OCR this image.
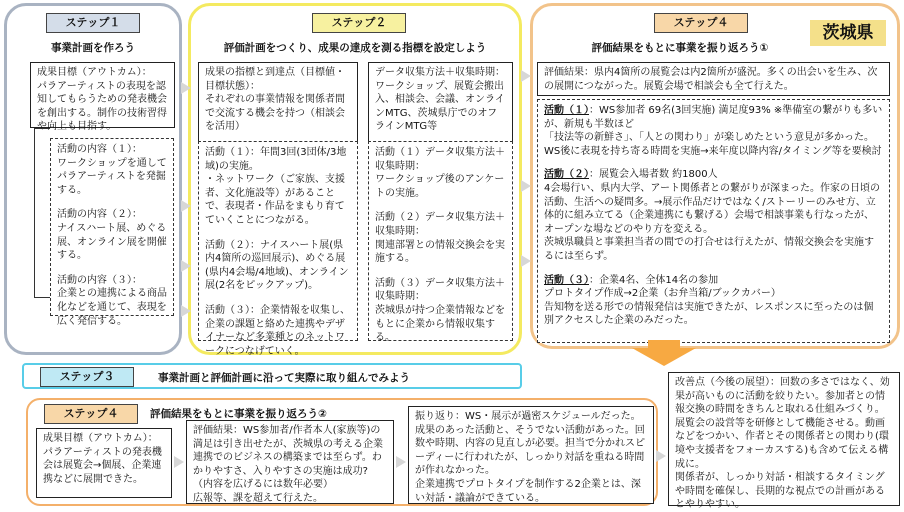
ステップ１
事業計画を作ろう
成果目標（アウトカム）：
パラアーティストの表現を認知してもらうための発表機会を創出する。制作の技術習得や向上も目指す。

活動の内容（１）：
ワークショップを通してパラアーティストを発掘する。

活動の内容（２）：
ナイスハート展、めぐる展、オンライン展を開催する。

活動の内容（３）：
企業との連携による商品化などを通じて、表現を広く発信する。

ステップ２
評価計画をつくり、成果の達成を測る指標を設定しよう
成果の指標と到達点（目標値・目標状態）：
それぞれの事業情報を関係者間で交流する機会を持つ（相談会を活用）
データ収集方法＋収集時期：ワークショップ、展覧会搬出入、相談会、会議、オンラインMTG、茨城県庁でのオフラインMTG等

活動（１）：年間3回(3団体/3地域)の実施。
・ネットワーク（ご家族、支援者、文化施設等）があることで、表現者・作品をまもり育てていくことにつながる。

活動（２）：ナイスハート展(県内4箇所の巡回展示)、めぐる展(県内4会場/4地域)、オンライン展(2名をピックアップ)。

活動（３）：企業情報を収集し、企業の課題と絡めた連携やデザイナーなど多業種とのネットワークにつなげていく。

活動（１）データ収集方法＋収集時期：
ワークショップ後のアンケートの実施。

活動（２）データ収集方法＋収集時期：
関連部署との情報交換会を実施する。

活動（３）データ収集方法＋収集時期：
茨城県が持つ企業情報などをもとに企業から情報収集する。

ステップ４
茨城県
評価結果をもとに事業を振り返ろう①
評価結果：県内4箇所の展覧会は内2箇所が盛況。多くの出会いを生み、次の展開につながった。展覧会場で相談会も全て行えた。

活動（１）：WS参加者 69名(3回実施) 満足度93% ※準備室の繋がりも多いが、新規も半数ほど
「技法等の新鮮さ」、「人との関わり」が楽しめたという意見が多かった。WS後に表現を持ち寄る時間を実施→来年度以降内容/タイミング等を要検討

活動（２）：展覧会入場者数 約1800人
4会場行い、県内大学、アート関係者との繋がりが深まった。作家の日頃の活動、生活への疑問多。→展示作品だけではなく/ストーリーのみせ方、立体的に組み立てる（企業連携にも繋げる）会場で相談事業も行なったが、オープンな場などのやり方を変える。
茨城県職員と事業担当者の間での打合せは行えたが、情報交換会を実施するには至らず。

活動（３）：企業4名、全体14名の参加
プロトタイプ作成→2企業（お弁当箱/ブックカバー）
告知物を送る形での情報発信は実施できたが、レスポンスに至ったのは個別アクセスした企業のみだった。

ステップ３	事業計画と評価計画に沿って実際に取り組んでみよう
ステップ４	評価結果をもとに事業を振り返ろう②
成果目標（アウトカム）：
パラアーティストの発表機会は展覧会→個展、企業連携などに展開できた。
評価結果：WS参加者/作者本人(家族等)の満足は引き出せたが、茨城県の考える企業連携でのビジネスの構築までは至らず。わかりやすさ、入りやすさの実施は成功?（内容を広げるには数年必要）
広報等、課を超えて行えた。
振り返り：WS・展示が過密スケジュールだった。成果のあった活動と、そうでない活動があった。回数や時期、内容の見直しが必要。担当で分かれスピーディーに行われたが、しっかり対話を重ねる時間が作れなかった。
企業連携でプロトタイプを制作する2企業とは、深い対話・議論ができている。
改善点（今後の展望）：回数の多さではなく、効果が高いものに活動を絞りたい。参加者との情報交換の時間をきちんと取れる仕組みづくり。展覧会の設営等を研修として機能させる。動画などをつかい、作者とその関係者との関わり(環境や支援者をフォーカスする)も含めて伝える構成に。
関係者が、しっかり対話・相談するタイミングや時間を確保し、長期的な視点での計画があるとやりやすい。
